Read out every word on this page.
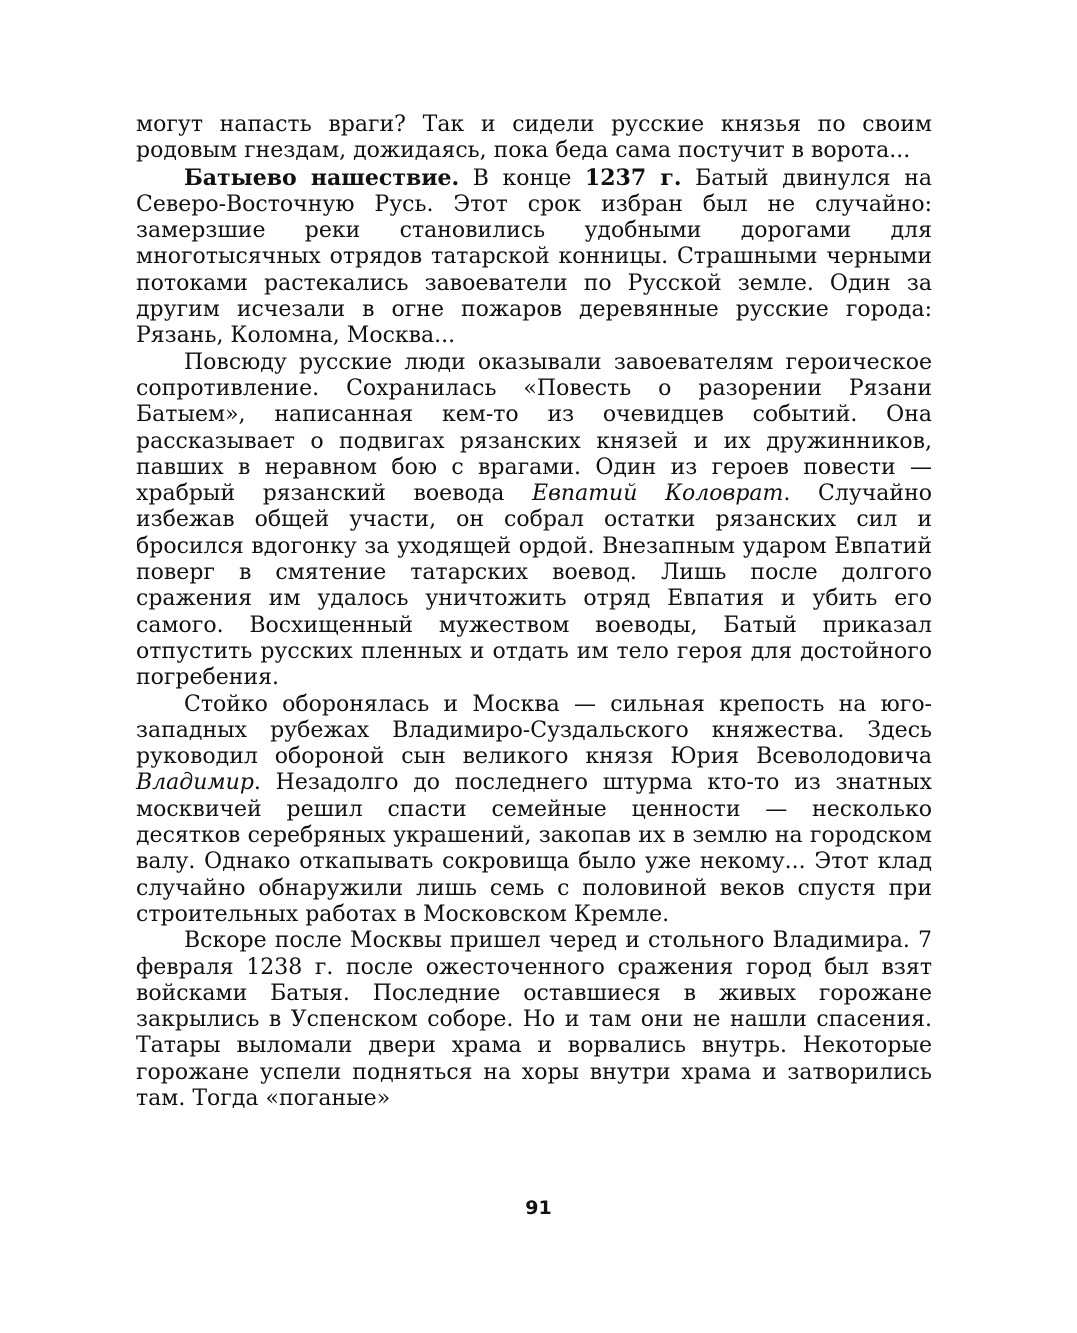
могут напасть враги? Так и сидели русские князья по своим родовым гнездам, дожидаясь, пока беда сама постучит в ворота...

Батыево нашествие. В конце 1237 г. Батый двинулся на Северо-Восточную Русь. Этот срок избран был не случайно: замерзшие реки становились удобными дорогами для многотысячных отрядов татарской конницы. Страшными черными потоками растекались завоеватели по Русской земле. Один за другим исчезали в огне пожаров деревянные русские города: Рязань, Коломна, Москва...

Повсюду русские люди оказывали завоевателям героическое сопротивление. Сохранилась «Повесть о разорении Рязани Батыем», написанная кем-то из очевидцев событий. Она рассказывает о подвигах рязанских князей и их дружинников, павших в неравном бою с врагами. Один из героев повести — храбрый рязанский воевода Евпатий Коловрат. Случайно избежав общей участи, он собрал остатки рязанских сил и бросился вдогонку за уходящей ордой. Внезапным ударом Евпатий поверг в смятение татарских воевод. Лишь после долгого сражения им удалось уничтожить отряд Евпатия и убить его самого. Восхищенный мужеством воеводы, Батый приказал отпустить русских пленных и отдать им тело героя для достойного погребения.

Стойко оборонялась и Москва — сильная крепость на юго-западных рубежах Владимиро-Суздальского княжества. Здесь руководил обороной сын великого князя Юрия Всеволодовича Владимир. Незадолго до последнего штурма кто-то из знатных москвичей решил спасти семейные ценности — несколько десятков серебряных украшений, закопав их в землю на городском валу. Однако откапывать сокровища было уже некому... Этот клад случайно обнаружили лишь семь с половиной веков спустя при строительных работах в Московском Кремле.

Вскоре после Москвы пришел черед и стольного Владимира. 7 февраля 1238 г. после ожесточенного сражения город был взят войсками Батыя. Последние оставшиеся в живых горожане закрылись в Успенском соборе. Но и там они не нашли спасения. Татары выломали двери храма и ворвались внутрь. Некоторые горожане успели подняться на хоры внутри храма и затворились там. Тогда «поганые»

91
